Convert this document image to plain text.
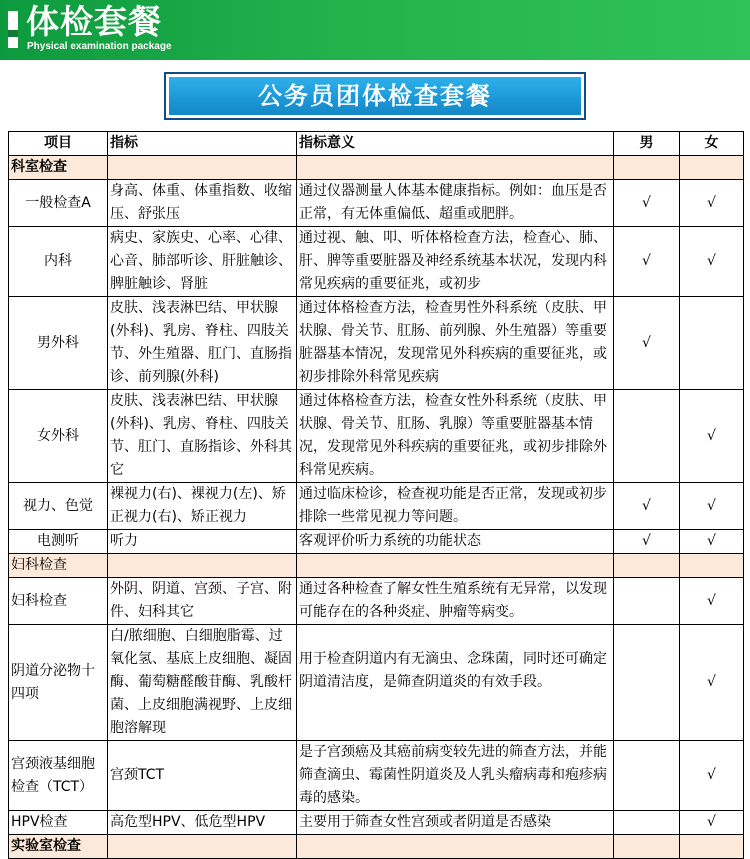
体检套餐
Physical examination package
公务员团体检查套餐
项目	指标	指标意义	男	女
科室检查				
一般检查A	身高、体重、体重指数、收缩压、舒张压	通过仪器测量人体基本健康指标。例如：血压是否正常，有无体重偏低、超重或肥胖。	√	√
内科	病史、家族史、心率、心律、心音、肺部听诊、肝脏触诊、脾脏触诊、肾脏	通过视、触、叩、听体格检查方法，检查心、肺、肝、脾等重要脏器及神经系统基本状况，发现内科常见疾病的重要征兆，或初步	√	√
男外科	皮肤、浅表淋巴结、甲状腺(外科)、乳房、脊柱、四肢关节、外生殖器、肛门、直肠指诊、前列腺(外科)	通过体格检查方法，检查男性外科系统（皮肤、甲状腺、骨关节、肛肠、前列腺、外生殖器）等重要脏器基本情况，发现常见外科疾病的重要征兆，或初步排除外科常见疾病	√	
女外科	皮肤、浅表淋巴结、甲状腺(外科)、乳房、脊柱、四肢关节、肛门、直肠指诊、外科其它	通过体格检查方法，检查女性外科系统（皮肤、甲状腺、骨关节、肛肠、乳腺）等重要脏器基本情况，发现常见外科疾病的重要征兆，或初步排除外科常见疾病。		√
视力、色觉	裸视力(右)、裸视力(左)、矫正视力(右)、矫正视力	通过临床检诊，检查视功能是否正常，发现或初步排除一些常见视力等问题。	√	√
电测听	听力	客观评价听力系统的功能状态	√	√
妇科检查				
妇科检查	外阴、阴道、宫颈、子宫、附件、妇科其它	通过各种检查了解女性生殖系统有无异常，以发现可能存在的各种炎症、肿瘤等病变。		√
阴道分泌物十四项	白/脓细胞、白细胞脂霉、过氧化氢、基底上皮细胞、凝固酶、葡萄糖醛酸苷酶、乳酸杆菌、上皮细胞满视野、上皮细胞溶解现	用于检查阴道内有无滴虫、念珠菌，同时还可确定阴道清洁度，是筛查阴道炎的有效手段。		√
宫颈液基细胞检查（TCT）	宫颈TCT	是子宫颈癌及其癌前病变较先进的筛查方法，并能筛查滴虫、霉菌性阴道炎及人乳头瘤病毒和疱疹病毒的感染。		√
HPV检查	高危型HPV、低危型HPV	主要用于筛查女性宫颈或者阴道是否感染		√
实验室检查				
